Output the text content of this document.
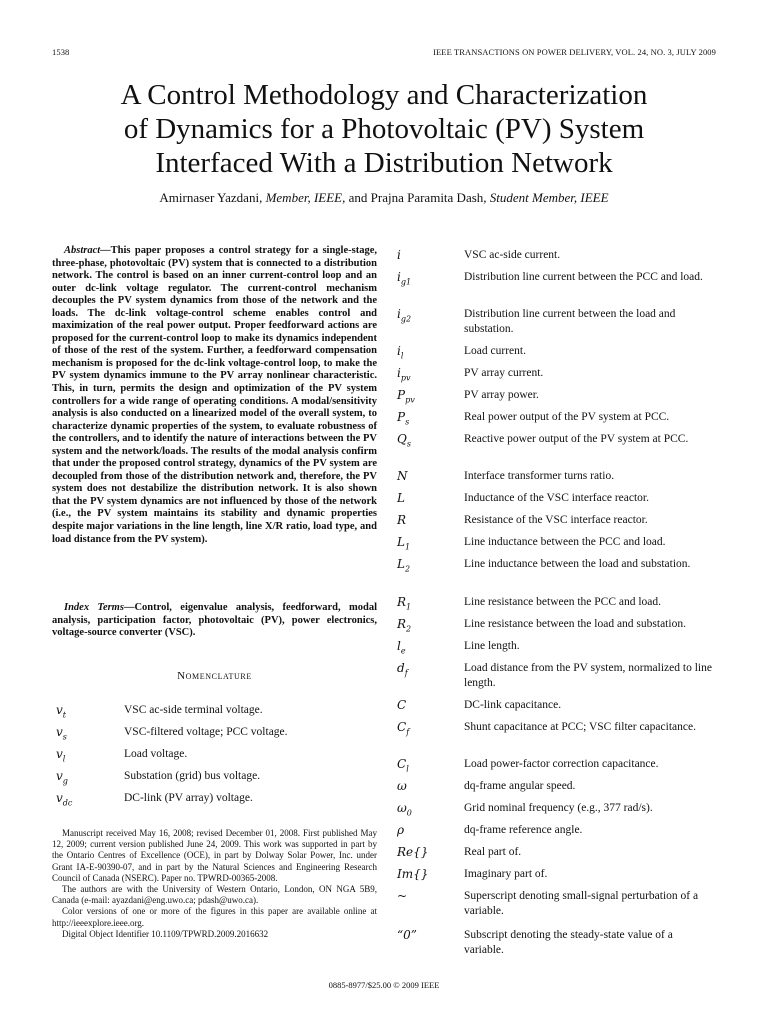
1538	IEEE TRANSACTIONS ON POWER DELIVERY, VOL. 24, NO. 3, JULY 2009
A Control Methodology and Characterization
of Dynamics for a Photovoltaic (PV) System
Interfaced With a Distribution Network
Amirnaser Yazdani, Member, IEEE, and Prajna Paramita Dash, Student Member, IEEE

Abstract—This paper proposes a control strategy for a single-stage, three-phase, photovoltaic (PV) system that is connected to a distribution network. The control is based on an inner current-control loop and an outer dc-link voltage regulator. The current-control mechanism decouples the PV system dynamics from those of the network and the loads. The dc-link voltage-control scheme enables control and maximization of the real power output. Proper feedforward actions are proposed for the current-control loop to make its dynamics independent of those of the rest of the system. Further, a feedforward compensation mechanism is proposed for the dc-link voltage-control loop, to make the PV system dynamics immune to the PV array nonlinear characteristic. This, in turn, permits the design and optimization of the PV system controllers for a wide range of operating conditions. A modal/sensitivity analysis is also conducted on a linearized model of the overall system, to characterize dynamic properties of the system, to evaluate robustness of the controllers, and to identify the nature of interactions between the PV system and the network/loads. The results of the modal analysis confirm that under the proposed control strategy, dynamics of the PV system are decoupled from those of the distribution network and, therefore, the PV system does not destabilize the distribution network. It is also shown that the PV system dynamics are not influenced by those of the network (i.e., the PV system maintains its stability and dynamic properties despite major variations in the line length, line X/R ratio, load type, and load distance from the PV system).

Index Terms—Control, eigenvalue analysis, feedforward, modal analysis, participation factor, photovoltaic (PV), power electronics, voltage-source converter (VSC).

Nomenclature
$v_t$	VSC ac-side terminal voltage.
$v_s$	VSC-filtered voltage; PCC voltage.
$v_l$	Load voltage.
$v_g$	Substation (grid) bus voltage.
$v_{dc}$	DC-link (PV array) voltage.
i	VSC ac-side current.
$i_{g1}$	Distribution line current between the PCC and load.
$i_{g2}$	Distribution line current between the load and substation.
$i_l$	Load current.
$i_{pv}$	PV array current.
$P_{pv}$	PV array power.
$P_s$	Real power output of the PV system at PCC.
$Q_s$	Reactive power output of the PV system at PCC.
N	Interface transformer turns ratio.
L	Inductance of the VSC interface reactor.
R	Resistance of the VSC interface reactor.
$L_1$	Line inductance between the PCC and load.
$L_2$	Line inductance between the load and substation.
$R_1$	Line resistance between the PCC and load.
$R_2$	Line resistance between the load and substation.
$l_e$	Line length.
$d_f$	Load distance from the PV system, normalized to line length.
C	DC-link capacitance.
$C_f$	Shunt capacitance at PCC; VSC filter capacitance.
$C_l$	Load power-factor correction capacitance.
ω	dq-frame angular speed.
$\omega_0$	Grid nominal frequency (e.g., 377 rad/s).
ρ	dq-frame reference angle.
Re{}	Real part of.
Im{}	Imaginary part of.
~	Superscript denoting small-signal perturbation of a variable.
“0”	Subscript denoting the steady-state value of a variable.

Manuscript received May 16, 2008; revised December 01, 2008. First published May 12, 2009; current version published June 24, 2009. This work was supported in part by the Ontario Centres of Excellence (OCE), in part by Dolway Solar Power, Inc. under Grant IA-E-90390-07, and in part by the Natural Sciences and Engineering Research Council of Canada (NSERC). Paper no. TPWRD-00365-2008.

The authors are with the University of Western Ontario, London, ON NGA 5B9, Canada (e-mail: ayazdani@eng.uwo.ca; pdash@uwo.ca).

Color versions of one or more of the figures in this paper are available online at http://ieeexplore.ieee.org.

Digital Object Identifier 10.1109/TPWRD.2009.2016632

0885-8977/$25.00 © 2009 IEEE
